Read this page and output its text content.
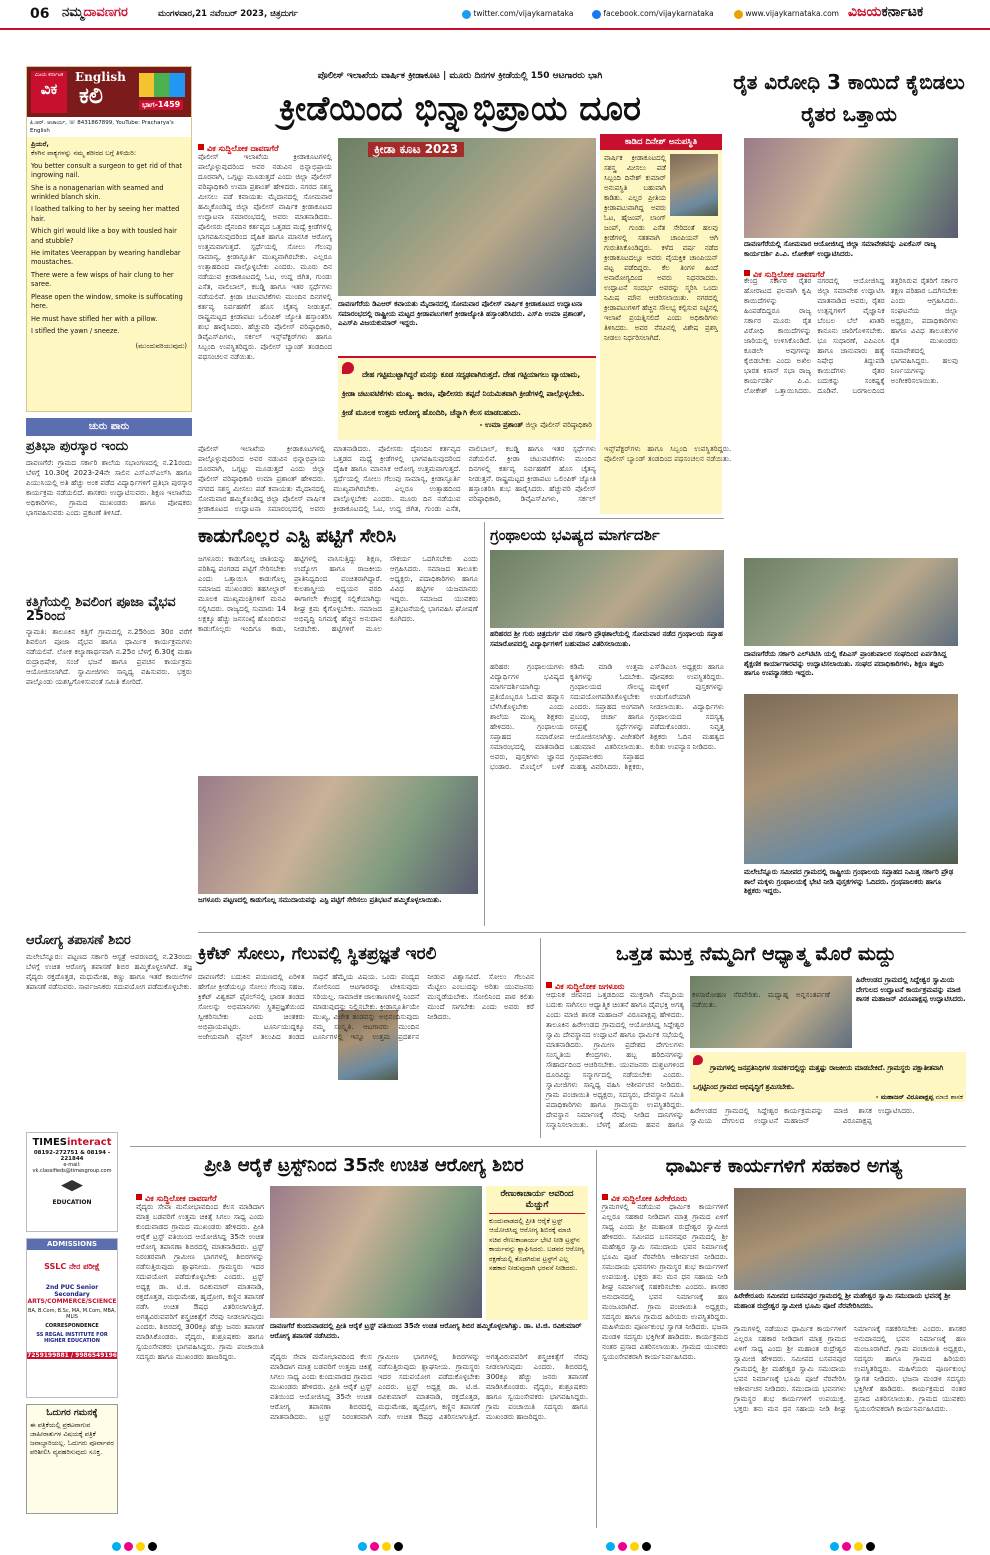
06 ನಮ್ಮದಾವಣಗರ	ಮಂಗಳವಾರ,21 ನವೆಂಬರ್ 2023, ಚಿತ್ರದುರ್ಗ	twitter.com/vijaykarnataka	facebook.com/vijaykarnataka	www.vijaykarnataka.com ವಿಜಯಕರ್ನಾಟಕ
ವಿಜಯ ಕರ್ನಾಟಕ
ವಿಕ
English
ಕಲಿ	ಭಾಗ-1459
ಪಿ.ಆರ್. ಆಚಾರ್ಯ, ☏ 8431867899, YouTube: Pracharya's English
ಪ್ರಿಯರೆ,
ಕೆಳಗಿನ ವಾಕ್ಯಗಳನ್ನು ನಮ್ಮ ಶರೀರದ ಬಗ್ಗೆ ತಿಳಿಯಿರಿ:
You better consult a surgeon to get rid of that ingrowing nail.
She is a nonagenarian with seamed and wrinkled blanch skin.
I loathed talking to her by seeing her matted hair.
Which girl would like a boy with tousled hair and stubble?
He imitates Veerappan by wearing handlebar moustaches.
There were a few wisps of hair clung to her saree.
Please open the window, smoke is suffocating here.
He must have stifled her with a pillow.
I stifled the yawn / sneeze.
(ಮುಂದುವರಿಯುವುದು)
ಚುರು ಪಾರು
ಪ್ರತಿಭಾ ಪುರಸ್ಕಾರ ಇಂದು
ದಾವಣಗೆರೆ: ಗ್ರಾಮದ ಸರ್ಕಾರಿ ಶಾಲೆಯ ಸಭಾಂಗಣದಲ್ಲಿ ನ.21ರಂದು ಬೆಳಗ್ಗೆ 10.30ಕ್ಕೆ 2023-24ನೇ ಸಾಲಿನ ಎಸ್‌ಎಸ್‌ಎಲ್‌ಸಿ ಹಾಗೂ ಪಿಯುಸಿಯಲ್ಲಿ ಅತಿ ಹೆಚ್ಚು ಅಂಕ ಪಡೆದ ವಿದ್ಯಾರ್ಥಿಗಳಿಗೆ ಪ್ರತಿಭಾ ಪುರಸ್ಕಾರ ಕಾರ್ಯಕ್ರಮ ನಡೆಯಲಿದೆ. ಶಾಸಕರು ಉದ್ಘಾಟಿಸುವರು. ಶಿಕ್ಷಣ ಇಲಾಖೆಯ ಅಧಿಕಾರಿಗಳು, ಗ್ರಾಮದ ಮುಖಂಡರು ಹಾಗೂ ಪೋಷಕರು ಭಾಗವಹಿಸುವರು ಎಂದು ಪ್ರಕಟಣೆ ತಿಳಿಸಿದೆ.
ಕತ್ತಿಗೆಯಲ್ಲಿ ಶಿವಲಿಂಗ ಪೂಜಾ ವೈಭವ 25ರಿಂದ
ನ್ಯಾಮತಿ: ತಾಲೂಕಿನ ಕತ್ತಿಗೆ ಗ್ರಾಮದಲ್ಲಿ ನ.25ರಿಂದ 30ರ ವರೆಗೆ ಶಿವಲಿಂಗ ಪೂಜಾ ವೈಭವ ಹಾಗೂ ಧಾರ್ಮಿಕ ಕಾರ್ಯಕ್ರಮಗಳು ನಡೆಯಲಿವೆ. ಲೋಕ ಕಲ್ಯಾಣಾರ್ಥವಾಗಿ ನ.25ರ ಬೆಳಗ್ಗೆ 6.30ಕ್ಕೆ ಮಹಾ ರುದ್ರಾಭಿಷೇಕ, ಸಂಜೆ ಭಜನೆ ಹಾಗೂ ಪ್ರವಚನ ಕಾರ್ಯಕ್ರಮ ಆಯೋಜಿಸಲಾಗಿದೆ. ಸ್ವಾಮೀಜಿಗಳು ಸಾನ್ನಿಧ್ಯ ವಹಿಸುವರು. ಭಕ್ತರು ಪಾಲ್ಗೊಂಡು ಯಶಸ್ವಿಗೊಳಿಸುವಂತೆ ಸಮಿತಿ ಕೋರಿದೆ.
ಆರೋಗ್ಯ ತಪಾಸಣೆ ಶಿಬಿರ
ಮಲೇಬೆನ್ನೂರು: ಪಟ್ಟಣದ ಸರ್ಕಾರಿ ಆಸ್ಪತ್ರೆ ಆವರಣದಲ್ಲಿ ನ.23ರಂದು ಬೆಳಗ್ಗೆ ಉಚಿತ ಆರೋಗ್ಯ ತಪಾಸಣೆ ಶಿಬಿರ ಹಮ್ಮಿಕೊಳ್ಳಲಾಗಿದೆ. ತಜ್ಞ ವೈದ್ಯರು ರಕ್ತದೊತ್ತಡ, ಮಧುಮೇಹ, ಕಣ್ಣು ಹಾಗೂ ಇತರೆ ಕಾಯಿಲೆಗಳ ತಪಾಸಣೆ ನಡೆಸುವರು. ಸಾರ್ವಜನಿಕರು ಸದುಪಯೋಗ ಪಡೆದುಕೊಳ್ಳಬೇಕು.
TIMESinteract
08192-272751 & 08194 - 221844
e-mail: vk.classifieds@timesgroup.com
EDUCATION
ADMISSIONS
SSLC ನೇರ ಪರೀಕ್ಷೆ
2nd PUC Senior Secondary
ARTS/COMMERCE/SCIENCE
BA, B.Com, B.Sc, MA, M.Com, MBA, MLIS
CORRESPONDENCE
SS REGAL INSTITUTE FOR HIGHER EDUCATION
7259199881 / 9986549196
ಓದುಗರ ಗಮನಕ್ಕೆ
ಈ ಪತ್ರಿಕೆಯಲ್ಲಿ ಪ್ರಕಟವಾಗುವ ಜಾಹೀರಾತುಗಳ ವಿಷಯಕ್ಕೆ ಪತ್ರಿಕೆ ಜವಾಬ್ದಾರಿಯಲ್ಲ. ಓದುಗರು ಪೂರ್ವಾಪರ ಪರಿಶೀಲಿಸಿ ವ್ಯವಹರಿಸುವುದು ಸೂಕ್ತ.
ಪೊಲೀಸ್ ಇಲಾಖೆಯ ವಾರ್ಷಿಕ ಕ್ರೀಡಾಕೂಟ | ಮೂರು ದಿನಗಳ ಕ್ರೀಡೆಯಲ್ಲಿ 150 ಆಟಗಾರರು ಭಾಗಿ
ಕ್ರೀಡೆಯಿಂದ ಭಿನ್ನಾಭಿಪ್ರಾಯ ದೂರ
ವಿಕ ಸುದ್ದಿಲೋಕ ದಾವಣಗೆರೆ
ಪೊಲೀಸ್ ಇಲಾಖೆಯ ಕ್ರೀಡಾಕೂಟಗಳಲ್ಲಿ ಪಾಲ್ಗೊಳ್ಳುವುದರಿಂದ ಅವರ ನಡುವಿನ ಭಿನ್ನಾಭಿಪ್ರಾಯ ದೂರವಾಗಿ, ಒಗ್ಗಟ್ಟು ಮೂಡುತ್ತದೆ ಎಂದು ಜಿಲ್ಲಾ ಪೊಲೀಸ್ ವರಿಷ್ಠಾಧಿಕಾರಿ ಉಮಾ ಪ್ರಶಾಂತ್ ಹೇಳಿದರು. ನಗರದ ಸಶಸ್ತ್ರ ಮೀಸಲು ಪಡೆ ಕವಾಯತು ಮೈದಾನದಲ್ಲಿ ಸೋಮವಾರ ಹಮ್ಮಿಕೊಂಡಿದ್ದ ಜಿಲ್ಲಾ ಪೊಲೀಸ್ ವಾರ್ಷಿಕ ಕ್ರೀಡಾಕೂಟದ ಉದ್ಘಾಟನಾ ಸಮಾರಂಭದಲ್ಲಿ ಅವರು ಮಾತನಾಡಿದರು. ಪೊಲೀಸರು ದೈನಂದಿನ ಕರ್ತವ್ಯದ ಒತ್ತಡದ ಮಧ್ಯೆ ಕ್ರೀಡೆಗಳಲ್ಲಿ ಭಾಗವಹಿಸುವುದರಿಂದ ದೈಹಿಕ ಹಾಗೂ ಮಾನಸಿಕ ಆರೋಗ್ಯ ಉತ್ತಮವಾಗುತ್ತದೆ. ಸ್ಪರ್ಧೆಯಲ್ಲಿ ಸೋಲು ಗೆಲುವು ಸಾಮಾನ್ಯ, ಕ್ರೀಡಾಸ್ಫೂರ್ತಿ ಮುಖ್ಯವಾಗಿರಬೇಕು. ಎಲ್ಲರೂ ಉತ್ಸಾಹದಿಂದ ಪಾಲ್ಗೊಳ್ಳಬೇಕು ಎಂದರು. ಮೂರು ದಿನ ನಡೆಯುವ ಕ್ರೀಡಾಕೂಟದಲ್ಲಿ ಓಟ, ಉದ್ದ ಜಿಗಿತ, ಗುಂಡು ಎಸೆತ, ವಾಲಿಬಾಲ್, ಕಬಡ್ಡಿ ಹಾಗೂ ಇತರ ಸ್ಪರ್ಧೆಗಳು ನಡೆಯಲಿವೆ. ಕ್ರೀಡಾ ಚಟುವಟಿಕೆಗಳು ಮುಂದಿನ ದಿನಗಳಲ್ಲಿ ಕರ್ತವ್ಯ ನಿರ್ವಹಣೆಗೆ ಹೊಸ ಚೈತನ್ಯ ನೀಡುತ್ತವೆ. ರಾಷ್ಟ್ರಮಟ್ಟದ ಕ್ರೀಡಾಪಟು ಒಲಿಂಪಿಕ್ ಜ್ಯೋತಿ ಹಸ್ತಾಂತರಿಸಿ ಶುಭ ಹಾರೈಸಿದರು. ಹೆಚ್ಚುವರಿ ಪೊಲೀಸ್ ವರಿಷ್ಠಾಧಿಕಾರಿ, ಡಿವೈಎಸ್‌ಪಿಗಳು, ಸರ್ಕಲ್ ಇನ್ಸ್‌ಪೆಕ್ಟರ್‌ಗಳು ಹಾಗೂ ಸಿಬ್ಬಂದಿ ಉಪಸ್ಥಿತರಿದ್ದರು. ಪೊಲೀಸ್ ಬ್ಯಾಂಡ್ ತಂಡದಿಂದ ಪಥಸಂಚಲನ ನಡೆಯಿತು.
ಕ್ರೀಡಾ ಕೂಟ 2023
ದಾವಣಗೆರೆಯ ಡಿಎಆರ್ ಕವಾಯತು ಮೈದಾನದಲ್ಲಿ ಸೋಮವಾರ ಪೊಲೀಸ್ ವಾರ್ಷಿಕ ಕ್ರೀಡಾಕೂಟದ ಉದ್ಘಾಟನಾ ಸಮಾರಂಭದಲ್ಲಿ ರಾಷ್ಟ್ರೀಯ ಮಟ್ಟದ ಕ್ರೀಡಾಪಟುಗಳಿಗೆ ಕ್ರೀಡಾಜ್ಯೋತಿ ಹಸ್ತಾಂತರಿಸಿದರು. ಎಸ್‌ಪಿ ಉಮಾ ಪ್ರಶಾಂತ್, ಎಎಸ್‌ಪಿ ವಿಜಯಕುಮಾರ್ ಇದ್ದರು.
ದೇಹ ಗಟ್ಟಿಮುಟ್ಟಾಗಿದ್ದರೆ ಮನಸ್ಸು ಕೂಡ ಸದೃಢವಾಗಿರುತ್ತದೆ. ದೇಹ ಗಟ್ಟಿಯಾಗಲು ವ್ಯಾಯಾಮ, ಕ್ರೀಡಾ ಚಟುವಟಿಕೆಗಳು ಮುಖ್ಯ. ಕಾರಣ, ಪೊಲೀಸರು ತಪ್ಪದೆ ನಿಯಮಿತವಾಗಿ ಕ್ರೀಡೆಗಳಲ್ಲಿ ಪಾಲ್ಗೊಳ್ಳಬೇಕು. ಕ್ರೀಡೆ ಮೂಲಕ ಉತ್ತಮ ಆರೋಗ್ಯ ಹೊಂದಿರಿ, ಚೆನ್ನಾಗಿ ಕೆಲಸ ಮಾಡಬಹುದು.
- ಉಮಾ ಪ್ರಶಾಂತ್ ಜಿಲ್ಲಾ ಪೊಲೀಸ್ ವರಿಷ್ಠಾಧಿಕಾರಿ
ಕಾಡಿದ ದಿನೇಶ್ ಅನುಪಸ್ಥಿತಿ
ವಾರ್ಷಿಕ ಕ್ರೀಡಾಕೂಟದಲ್ಲಿ ಸಶಸ್ತ್ರ ಮೀಸಲು ಪಡೆ ಸಿಬ್ಬಂದಿ ದಿನೇಶ್ ಕುಮಾರ್ ಅನುಪಸ್ಥಿತಿ ಬಹುವಾಗಿ ಕಾಡಿತು. ಎಲ್ಲರ ಪ್ರೀತಿಯ ಕ್ರೀಡಾಪಟುವಾಗಿದ್ದ ಅವರು ಓಟ, ಹೈಜಂಪ್, ಲಾಂಗ್ ಜಂಪ್, ಗುಂಡು ಎಸೆತ ಸೇರಿದಂತೆ ಹಲವು ಕ್ರೀಡೆಗಳಲ್ಲಿ ಸತತವಾಗಿ ಚಾಂಪಿಯನ್ ಆಗಿ ಗುರುತಿಸಿಕೊಂಡಿದ್ದರು. ಕಳೆದ ವರ್ಷ ನಡೆದ ಕ್ರೀಡಾಕೂಟದಲ್ಲೂ ಅವರು ವೈಯಕ್ತಿಕ ಚಾಂಪಿಯನ್ ಪಟ್ಟ ಪಡೆದಿದ್ದರು. ಕೆಲ ತಿಂಗಳ ಹಿಂದೆ ಅನಾರೋಗ್ಯದಿಂದ ಅವರು ನಿಧನರಾದರು. ಉದ್ಘಾಟನೆ ಸಂದರ್ಭ ಅವರನ್ನು ಸ್ಮರಿಸಿ ಒಂದು ನಿಮಿಷ ಮೌನ ಆಚರಿಸಲಾಯಿತು. ನಗರದಲ್ಲಿ ಕ್ರೀಡಾಪಟುಗಳಿಗೆ ಹೆಚ್ಚಿನ ಸೌಲಭ್ಯ ಕಲ್ಪಿಸುವ ನಿಟ್ಟಿನಲ್ಲಿ ಇಲಾಖೆ ಪ್ರಯತ್ನಿಸಲಿದೆ ಎಂದು ಅಧಿಕಾರಿಗಳು ತಿಳಿಸಿದರು. ಅವರ ನೆನಪಿನಲ್ಲಿ ವಿಶೇಷ ಪ್ರಶಸ್ತಿ ನೀಡಲು ನಿರ್ಧರಿಸಲಾಗಿದೆ.
ಪೊಲೀಸ್ ಇಲಾಖೆಯ ಕ್ರೀಡಾಕೂಟಗಳಲ್ಲಿ ಪಾಲ್ಗೊಳ್ಳುವುದರಿಂದ ಅವರ ನಡುವಿನ ಭಿನ್ನಾಭಿಪ್ರಾಯ ದೂರವಾಗಿ, ಒಗ್ಗಟ್ಟು ಮೂಡುತ್ತದೆ ಎಂದು ಜಿಲ್ಲಾ ಪೊಲೀಸ್ ವರಿಷ್ಠಾಧಿಕಾರಿ ಉಮಾ ಪ್ರಶಾಂತ್ ಹೇಳಿದರು. ನಗರದ ಸಶಸ್ತ್ರ ಮೀಸಲು ಪಡೆ ಕವಾಯತು ಮೈದಾನದಲ್ಲಿ ಸೋಮವಾರ ಹಮ್ಮಿಕೊಂಡಿದ್ದ ಜಿಲ್ಲಾ ಪೊಲೀಸ್ ವಾರ್ಷಿಕ ಕ್ರೀಡಾಕೂಟದ ಉದ್ಘಾಟನಾ ಸಮಾರಂಭದಲ್ಲಿ ಅವರು ಮಾತನಾಡಿದರು. ಪೊಲೀಸರು ದೈನಂದಿನ ಕರ್ತವ್ಯದ ಒತ್ತಡದ ಮಧ್ಯೆ ಕ್ರೀಡೆಗಳಲ್ಲಿ ಭಾಗವಹಿಸುವುದರಿಂದ ದೈಹಿಕ ಹಾಗೂ ಮಾನಸಿಕ ಆರೋಗ್ಯ ಉತ್ತಮವಾಗುತ್ತದೆ. ಸ್ಪರ್ಧೆಯಲ್ಲಿ ಸೋಲು ಗೆಲುವು ಸಾಮಾನ್ಯ, ಕ್ರೀಡಾಸ್ಫೂರ್ತಿ ಮುಖ್ಯವಾಗಿರಬೇಕು. ಎಲ್ಲರೂ ಉತ್ಸಾಹದಿಂದ ಪಾಲ್ಗೊಳ್ಳಬೇಕು ಎಂದರು. ಮೂರು ದಿನ ನಡೆಯುವ ಕ್ರೀಡಾಕೂಟದಲ್ಲಿ ಓಟ, ಉದ್ದ ಜಿಗಿತ, ಗುಂಡು ಎಸೆತ, ವಾಲಿಬಾಲ್, ಕಬಡ್ಡಿ ಹಾಗೂ ಇತರ ಸ್ಪರ್ಧೆಗಳು ನಡೆಯಲಿವೆ. ಕ್ರೀಡಾ ಚಟುವಟಿಕೆಗಳು ಮುಂದಿನ ದಿನಗಳಲ್ಲಿ ಕರ್ತವ್ಯ ನಿರ್ವಹಣೆಗೆ ಹೊಸ ಚೈತನ್ಯ ನೀಡುತ್ತವೆ. ರಾಷ್ಟ್ರಮಟ್ಟದ ಕ್ರೀಡಾಪಟು ಒಲಿಂಪಿಕ್ ಜ್ಯೋತಿ ಹಸ್ತಾಂತರಿಸಿ ಶುಭ ಹಾರೈಸಿದರು. ಹೆಚ್ಚುವರಿ ಪೊಲೀಸ್ ವರಿಷ್ಠಾಧಿಕಾರಿ, ಡಿವೈಎಸ್‌ಪಿಗಳು, ಸರ್ಕಲ್ ಇನ್ಸ್‌ಪೆಕ್ಟರ್‌ಗಳು ಹಾಗೂ ಸಿಬ್ಬಂದಿ ಉಪಸ್ಥಿತರಿದ್ದರು. ಪೊಲೀಸ್ ಬ್ಯಾಂಡ್ ತಂಡದಿಂದ ಪಥಸಂಚಲನ ನಡೆಯಿತು.
ರೈತ ವಿರೋಧಿ 3 ಕಾಯಿದೆ ಕೈಬಿಡಲು ರೈತರ ಒತ್ತಾಯ
ದಾವಣಗೆರೆಯಲ್ಲಿ ಸೋಮವಾರ ಆಯೋಜಿಸಿದ್ದ ಜಿಲ್ಲಾ ಸಮಾವೇಶವನ್ನು ಎಐಕೆಎಸ್ ರಾಜ್ಯ ಕಾರ್ಯದರ್ಶಿ ಪಿ.ವಿ. ಲೋಕೇಶ್ ಉದ್ಘಾಟಿಸಿದರು.
ವಿಕ ಸುದ್ದಿಲೋಕ ದಾವಣಗೆರೆ
ಕೇಂದ್ರ ಸರ್ಕಾರ ರೈತರ ಹೋರಾಟದ ಫಲವಾಗಿ ಕೃಷಿ ಕಾಯಿದೆಗಳನ್ನು ಹಿಂಪಡೆದಿದ್ದರೂ ರಾಜ್ಯ ಸರ್ಕಾರ ಮೂರು ರೈತ ವಿರೋಧಿ ಕಾಯಿದೆಗಳನ್ನು ಜಾರಿಯಲ್ಲಿ ಉಳಿಸಿಕೊಂಡಿದೆ. ಕೂಡಲೇ ಅವುಗಳನ್ನು ಕೈಬಿಡಬೇಕು ಎಂದು ಅಖಿಲ ಭಾರತ ಕಿಸಾನ್ ಸಭಾ ರಾಜ್ಯ ಕಾರ್ಯದರ್ಶಿ ಪಿ.ವಿ. ಲೋಕೇಶ್ ಒತ್ತಾಯಿಸಿದರು. ನಗರದಲ್ಲಿ ಆಯೋಜಿಸಿದ್ದ ಜಿಲ್ಲಾ ಸಮಾವೇಶ ಉದ್ಘಾಟಿಸಿ ಮಾತನಾಡಿದ ಅವರು, ರೈತರ ಉತ್ಪನ್ನಗಳಿಗೆ ವೈಜ್ಞಾನಿಕ ಬೆಂಬಲ ಬೆಲೆ ಖಾತರಿ ಕಾನೂನು ಜಾರಿಗೊಳಿಸಬೇಕು. ಭೂ ಸುಧಾರಣೆ, ಎಪಿಎಂಸಿ ಹಾಗೂ ಜಾನುವಾರು ಹತ್ಯೆ ನಿಷೇಧ ತಿದ್ದುಪಡಿ ಕಾಯಿದೆಗಳು ರೈತರ ಬದುಕನ್ನು ಸಂಕಷ್ಟಕ್ಕೆ ದೂಡಿವೆ. ಬರಗಾಲದಿಂದ ತತ್ತರಿಸಿರುವ ರೈತರಿಗೆ ಸರ್ಕಾರ ತಕ್ಷಣ ಪರಿಹಾರ ಒದಗಿಸಬೇಕು ಎಂದು ಆಗ್ರಹಿಸಿದರು. ಸಂಘಟನೆಯ ಜಿಲ್ಲಾ ಅಧ್ಯಕ್ಷರು, ಪದಾಧಿಕಾರಿಗಳು ಹಾಗೂ ವಿವಿಧ ತಾಲೂಕುಗಳ ರೈತ ಮುಖಂಡರು ಸಮಾವೇಶದಲ್ಲಿ ಭಾಗವಹಿಸಿದ್ದರು. ಹಲವು ನಿರ್ಣಯಗಳನ್ನು ಅಂಗೀಕರಿಸಲಾಯಿತು.
ದಾವಣಗೆರೆಯ ಸರ್ಕಾರಿ ಎಲ್‌ಟಿಟಿಸಿ ಯಲ್ಲಿ ಕೆಪಿಎಸ್ ಪ್ರಾಂಶುಪಾಲರ ಸಂಘದಿಂದ ಏರ್ಪಡಿಸಿದ್ದ ಶೈಕ್ಷಣಿಕ ಕಾರ್ಯಾಗಾರವನ್ನು ಉದ್ಘಾಟಿಸಲಾಯಿತು. ಸಂಘದ ಪದಾಧಿಕಾರಿಗಳು, ಶಿಕ್ಷಣ ತಜ್ಞರು ಹಾಗೂ ಉಪನ್ಯಾಸಕರು ಇದ್ದರು.
ಮಲೇಬೆನ್ನೂರು ಸಮೀಪದ ಗ್ರಾಮದಲ್ಲಿ ರಾಷ್ಟ್ರೀಯ ಗ್ರಂಥಾಲಯ ಸಪ್ತಾಹದ ನಿಮಿತ್ತ ಸರ್ಕಾರಿ ಪ್ರೌಢ ಶಾಲೆ ಮಕ್ಕಳು ಗ್ರಂಥಾಲಯಕ್ಕೆ ಭೇಟಿ ನೀಡಿ ಪುಸ್ತಕಗಳನ್ನು ಓದಿದರು. ಗ್ರಂಥಪಾಲಕರು ಹಾಗೂ ಶಿಕ್ಷಕರು ಇದ್ದರು.
ಕಾಡುಗೊಲ್ಲರ ಎಸ್ಟಿ ಪಟ್ಟಿಗೆ ಸೇರಿಸಿ
ಜಗಳೂರು: ಕಾಡುಗೊಲ್ಲ ಜಾತಿಯನ್ನು ಪರಿಶಿಷ್ಟ ಪಂಗಡದ ಪಟ್ಟಿಗೆ ಸೇರಿಸಬೇಕು ಎಂದು ಒತ್ತಾಯಿಸಿ ಕಾಡುಗೊಲ್ಲ ಸಮಾಜದ ಮುಖಂಡರು ತಹಸೀಲ್ದಾರ್ ಮೂಲಕ ಮುಖ್ಯಮಂತ್ರಿಗಳಿಗೆ ಮನವಿ ಸಲ್ಲಿಸಿದರು. ರಾಜ್ಯದಲ್ಲಿ ಸುಮಾರು 14 ಲಕ್ಷಕ್ಕೂ ಹೆಚ್ಚು ಜನಸಂಖ್ಯೆ ಹೊಂದಿರುವ ಕಾಡುಗೊಲ್ಲರು ಇಂದಿಗೂ ಕಾಡು, ಹಟ್ಟಿಗಳಲ್ಲಿ ವಾಸಿಸುತ್ತಿದ್ದು ಶಿಕ್ಷಣ, ಉದ್ಯೋಗ ಹಾಗೂ ರಾಜಕೀಯ ಪ್ರಾತಿನಿಧ್ಯದಿಂದ ವಂಚಿತರಾಗಿದ್ದಾರೆ. ಕುಲಶಾಸ್ತ್ರೀಯ ಅಧ್ಯಯನ ವರದಿ ಈಗಾಗಲೇ ಕೇಂದ್ರಕ್ಕೆ ಸಲ್ಲಿಕೆಯಾಗಿದ್ದು ಶೀಘ್ರ ಕ್ರಮ ಕೈಗೊಳ್ಳಬೇಕು. ಸಮಾಜದ ಅಭಿವೃದ್ಧಿ ನಿಗಮಕ್ಕೆ ಹೆಚ್ಚಿನ ಅನುದಾನ ನೀಡಬೇಕು. ಹಟ್ಟಿಗಳಿಗೆ ಮೂಲ ಸೌಕರ್ಯ ಒದಗಿಸಬೇಕು ಎಂದು ಆಗ್ರಹಿಸಿದರು. ಸಮಾಜದ ತಾಲೂಕು ಅಧ್ಯಕ್ಷರು, ಪದಾಧಿಕಾರಿಗಳು ಹಾಗೂ ವಿವಿಧ ಹಟ್ಟಿಗಳ ಯಜಮಾನರು ಇದ್ದರು. ಸಮಾಜದ ಯುವಕರು ಪ್ರತಿಭಟನೆಯಲ್ಲಿ ಭಾಗವಹಿಸಿ ಘೋಷಣೆ ಕೂಗಿದರು.
ಜಗಳೂರು ಪಟ್ಟಣದಲ್ಲಿ ಕಾಡುಗೊಲ್ಲ ಸಮುದಾಯವನ್ನು ಎಸ್ಟಿ ಪಟ್ಟಿಗೆ ಸೇರಿಸಲು ಪ್ರತಿಭಟನೆ ಹಮ್ಮಿಕೊಳ್ಳಲಾಯಿತು.
ಗ್ರಂಥಾಲಯ ಭವಿಷ್ಯದ ಮಾರ್ಗದರ್ಶಿ
ಹರಿಹರದ ಶ್ರೀ ಗುರು ಚಿತ್ರದುರ್ಗ ಮಠ ಸರ್ಕಾರಿ ಪ್ರೌಢಶಾಲೆಯಲ್ಲಿ ಸೋಮವಾರ ನಡೆದ ಗ್ರಂಥಾಲಯ ಸಪ್ತಾಹ ಸಮಾರೋಪದಲ್ಲಿ ವಿದ್ಯಾರ್ಥಿಗಳಿಗೆ ಬಹುಮಾನ ವಿತರಿಸಲಾಯಿತು.
ಹರಿಹರ: ಗ್ರಂಥಾಲಯಗಳು ವಿದ್ಯಾರ್ಥಿಗಳ ಭವಿಷ್ಯದ ಮಾರ್ಗದರ್ಶಿಯಾಗಿದ್ದು ಪ್ರತಿಯೊಬ್ಬರೂ ಓದುವ ಹವ್ಯಾಸ ಬೆಳೆಸಿಕೊಳ್ಳಬೇಕು ಎಂದು ಶಾಲೆಯ ಮುಖ್ಯ ಶಿಕ್ಷಕರು ಹೇಳಿದರು. ಗ್ರಂಥಾಲಯ ಸಪ್ತಾಹದ ಸಮಾರೋಪ ಸಮಾರಂಭದಲ್ಲಿ ಮಾತನಾಡಿದ ಅವರು, ಪುಸ್ತಕಗಳು ಜ್ಞಾನದ ಭಂಡಾರ. ಮೊಬೈಲ್ ಬಳಕೆ ಕಡಿಮೆ ಮಾಡಿ ಉತ್ತಮ ಕೃತಿಗಳನ್ನು ಓದಬೇಕು. ಗ್ರಂಥಾಲಯದ ಸೌಲಭ್ಯ ಸದುಪಯೋಗಪಡಿಸಿಕೊಳ್ಳಬೇಕು ಎಂದರು. ಸಪ್ತಾಹದ ಅಂಗವಾಗಿ ಪ್ರಬಂಧ, ಚರ್ಚಾ ಹಾಗೂ ರಸಪ್ರಶ್ನೆ ಸ್ಪರ್ಧೆಗಳನ್ನು ಆಯೋಜಿಸಲಾಗಿತ್ತು. ವಿಜೇತರಿಗೆ ಬಹುಮಾನ ವಿತರಿಸಲಾಯಿತು. ಗ್ರಂಥಪಾಲಕರು ಸಪ್ತಾಹದ ಮಹತ್ವ ವಿವರಿಸಿದರು. ಶಿಕ್ಷಕರು, ಎಸ್‌ಡಿಎಂಸಿ ಅಧ್ಯಕ್ಷರು ಹಾಗೂ ಪೋಷಕರು ಉಪಸ್ಥಿತರಿದ್ದರು. ಮಕ್ಕಳಿಗೆ ಪುಸ್ತಕಗಳನ್ನು ಉಡುಗೊರೆಯಾಗಿ ನೀಡಲಾಯಿತು. ವಿದ್ಯಾರ್ಥಿಗಳು ಗ್ರಂಥಾಲಯದ ಸದಸ್ಯತ್ವ ಪಡೆದುಕೊಂಡರು. ನಿವೃತ್ತ ಶಿಕ್ಷಕರು ಓದಿನ ಮಹತ್ವದ ಕುರಿತು ಉಪನ್ಯಾಸ ನೀಡಿದರು.
ಕ್ರಿಕೆಟ್ ಸೋಲು, ಗೆಲುವಲ್ಲಿ ಸ್ಥಿತಪ್ರಜ್ಞತೆ ಇರಲಿ
ದಾವಣಗೆರೆ: ಬದುಕಿನ ಪಯಣದಲ್ಲಿ ಏರಿಳಿತ ಹೇಗೋ ಕ್ರೀಡೆಯಲ್ಲೂ ಸೋಲು ಗೆಲುವು ಸಹಜ. ಕ್ರಿಕೆಟ್ ವಿಶ್ವಕಪ್ ಫೈನಲ್‌ನಲ್ಲಿ ಭಾರತ ತಂಡದ ಸೋಲನ್ನು ಅಭಿಮಾನಿಗಳು ಸ್ಥಿತಪ್ರಜ್ಞತೆಯಿಂದ ಸ್ವೀಕರಿಸಬೇಕು ಎಂದು ಚಿಂತಕರು ಅಭಿಪ್ರಾಯಪಟ್ಟರು. ಟೂರ್ನಿಯುದ್ದಕ್ಕೂ ಅಜೇಯವಾಗಿ ಫೈನಲ್ ತಲುಪಿದ ತಂಡದ ಸಾಧನೆ ಹೆಮ್ಮೆಯ ವಿಷಯ. ಒಂದು ಪಂದ್ಯದ ಸೋಲಿನಿಂದ ಆಟಗಾರರನ್ನು ಟೀಕಿಸುವುದು ಸರಿಯಲ್ಲ. ಸಾಮಾಜಿಕ ಜಾಲತಾಣಗಳಲ್ಲಿ ನಿಂದನೆ ಮಾಡುವುದನ್ನು ನಿಲ್ಲಿಸಬೇಕು. ಕ್ರೀಡಾಸ್ಫೂರ್ತಿಯೇ ಮುಖ್ಯ, ವಿಜೇತ ತಂಡವನ್ನು ಅಭಿನಂದಿಸುವುದು ನಮ್ಮ ಸಂಸ್ಕೃತಿ. ಆಟಗಾರರು ಮುಂದಿನ ಟೂರ್ನಿಗಳಲ್ಲಿ ಇನ್ನೂ ಉತ್ತಮ ಪ್ರದರ್ಶನ ನೀಡುವ ವಿಶ್ವಾಸವಿದೆ. ಸೋಲು ಗೆಲುವಿನ ಮೆಟ್ಟಿಲು ಎಂಬುದನ್ನು ಅರಿತು ಯುವಜನರು ಮುನ್ನಡೆಯಬೇಕು. ಸೋಲಿನಿಂದ ಪಾಠ ಕಲಿತು ಮುಂದೆ ಸಾಗಬೇಕು ಎಂದು ಅವರು ಕರೆ ನೀಡಿದರು.
ಒತ್ತಡ ಮುಕ್ತ ನೆಮ್ಮದಿಗೆ ಆಧ್ಯಾತ್ಮ ಮೊರೆ ಮದ್ದು
ವಿಕ ಸುದ್ದಿಲೋಕ ಜಗಳೂರು
ಹಿರೇಉಡದ ಗ್ರಾಮದಲ್ಲಿ ಸಿದ್ದೇಶ್ವರ ಸ್ವಾಮಿಯ ದೇಗುಲದ ಉದ್ಘಾಟನೆ ಕಾರ್ಯಕ್ರಮವನ್ನು ಮಾಜಿ ಶಾಸಕ ಮಹಾಜನ್ ವಿರೂಪಾಕ್ಷಪ್ಪ ಉದ್ಘಾಟಿಸಿದರು.
ಗ್ರಾಮಗಳಲ್ಲಿ ಜನಪ್ರತಿನಿಧಿಗಳ ಸಂಪರ್ಕದಲ್ಲಿದ್ದು ಮತ್ತಷ್ಟು ರಾಜಕೀಯ ಮಾಡಬೇಕಿದೆ. ಗ್ರಾಮಸ್ಥರು ಪಕ್ಷಾತೀತವಾಗಿ ಒಗ್ಗಟ್ಟಿನಿಂದ ಗ್ರಾಮದ ಅಭಿವೃದ್ಧಿಗೆ ಶ್ರಮಿಸಬೇಕು.
- ಮಹಾಜನ್ ವಿರೂಪಾಕ್ಷಪ್ಪ ಮಾಜಿ ಶಾಸಕ
ಆಧುನಿಕ ಜೀವನದ ಒತ್ತಡದಿಂದ ಮುಕ್ತರಾಗಿ ನೆಮ್ಮದಿಯ ಬದುಕು ಸಾಗಿಸಲು ಆಧ್ಯಾತ್ಮಿಕ ಚಿಂತನೆ ಹಾಗೂ ದೈವಭಕ್ತಿ ಅಗತ್ಯ ಎಂದು ಮಾಜಿ ಶಾಸಕ ಮಹಾಜನ್ ವಿರೂಪಾಕ್ಷಪ್ಪ ಹೇಳಿದರು. ತಾಲೂಕಿನ ಹಿರೇಉಡದ ಗ್ರಾಮದಲ್ಲಿ ಆಯೋಜಿಸಿದ್ದ ಸಿದ್ದೇಶ್ವರ ಸ್ವಾಮಿ ದೇವಸ್ಥಾನದ ಉದ್ಘಾಟನೆ ಹಾಗೂ ಧಾರ್ಮಿಕ ಸಭೆಯಲ್ಲಿ ಮಾತನಾಡಿದರು. ಗ್ರಾಮೀಣ ಪ್ರದೇಶದ ದೇಗುಲಗಳು ಸಂಸ್ಕೃತಿಯ ಕೇಂದ್ರಗಳು. ಹಬ್ಬ ಹರಿದಿನಗಳನ್ನು ಸೌಹಾರ್ದದಿಂದ ಆಚರಿಸಬೇಕು. ಯುವಜನರು ದುಶ್ಚಟಗಳಿಂದ ದೂರವಿದ್ದು ಸನ್ಮಾರ್ಗದಲ್ಲಿ ನಡೆಯಬೇಕು ಎಂದರು. ಸ್ವಾಮೀಜಿಗಳು ಸಾನ್ನಿಧ್ಯ ವಹಿಸಿ ಆಶೀರ್ವಚನ ನೀಡಿದರು. ಗ್ರಾಮ ಪಂಚಾಯಿತಿ ಅಧ್ಯಕ್ಷರು, ಸದಸ್ಯರು, ದೇವಸ್ಥಾನ ಸಮಿತಿ ಪದಾಧಿಕಾರಿಗಳು ಹಾಗೂ ಗ್ರಾಮಸ್ಥರು ಉಪಸ್ಥಿತರಿದ್ದರು. ದೇವಸ್ಥಾನ ನಿರ್ಮಾಣಕ್ಕೆ ನೆರವು ನೀಡಿದ ದಾನಿಗಳನ್ನು ಸನ್ಮಾನಿಸಲಾಯಿತು. ಬೆಳಗ್ಗೆ ಹೋಮ ಹವನ ಹಾಗೂ
ಹಿರೇಉಡದ ಗ್ರಾಮದಲ್ಲಿ ಸಿದ್ದೇಶ್ವರ ಸ್ವಾಮಿಯ ದೇಗುಲದ ಉದ್ಘಾಟನೆ ಕಾರ್ಯಕ್ರಮವನ್ನು ಮಾಜಿ ಶಾಸಕ ಮಹಾಜನ್ ವಿರೂಪಾಕ್ಷಪ್ಪ ಉದ್ಘಾಟಿಸಿದರು.
ಪ್ರೀತಿ ಆರೈಕೆ ಟ್ರಸ್ಟ್‌ನಿಂದ 35ನೇ ಉಚಿತ ಆರೋಗ್ಯ ಶಿಬಿರ
ವಿಕ ಸುದ್ದಿಲೋಕ ದಾವಣಗೆರೆ
ದಾವಣಗೆರೆ ಕುಂದುವಾಡದಲ್ಲಿ ಪ್ರೀತಿ ಆರೈಕೆ ಟ್ರಸ್ಟ್ ವತಿಯಿಂದ 35ನೇ ಉಚಿತ ಆರೋಗ್ಯ ಶಿಬಿರ ಹಮ್ಮಿಕೊಳ್ಳಲಾಗಿತ್ತು. ಡಾ. ಟಿ.ಜಿ. ರವಿಕುಮಾರ್ ಆರೋಗ್ಯ ತಪಾಸಣೆ ನಡೆಸಿದರು.
ರೇಣುಕಾಚಾರ್ಯ ಆವರಿಂದ ಮೆಚ್ಚುಗೆ
ಕುಂದುವಾಡದಲ್ಲಿ ಪ್ರೀತಿ ಆರೈಕೆ ಟ್ರಸ್ಟ್ ಆಯೋಜಿಸಿದ್ದ ಆರೋಗ್ಯ ಶಿಬಿರಕ್ಕೆ ಮಾಜಿ ಸಚಿವ ರೇಣುಕಾಚಾರ್ಯ ಭೇಟಿ ನೀಡಿ ಟ್ರಸ್ಟ್‌ನ ಕಾರ್ಯವನ್ನು ಶ್ಲಾಘಿಸಿದರು. ಬಡವರ ಆರೋಗ್ಯ ರಕ್ಷಣೆಯಲ್ಲಿ ತೊಡಗಿರುವ ಟ್ರಸ್ಟ್‌ಗೆ ಎಲ್ಲ ಸಹಕಾರ ನೀಡುವುದಾಗಿ ಭರವಸೆ ನೀಡಿದರು.
ವೈದ್ಯರು ಸೇವಾ ಮನೋಭಾವದಿಂದ ಕೆಲಸ ಮಾಡಿದಾಗ ಮಾತ್ರ ಬಡವರಿಗೆ ಉತ್ತಮ ಚಿಕಿತ್ಸೆ ಸಿಗಲು ಸಾಧ್ಯ ಎಂದು ಕುಂದುವಾಡದ ಗ್ರಾಮದ ಮುಖಂಡರು ಹೇಳಿದರು. ಪ್ರೀತಿ ಆರೈಕೆ ಟ್ರಸ್ಟ್ ವತಿಯಿಂದ ಆಯೋಜಿಸಿದ್ದ 35ನೇ ಉಚಿತ ಆರೋಗ್ಯ ತಪಾಸಣಾ ಶಿಬಿರದಲ್ಲಿ ಮಾತನಾಡಿದರು. ಟ್ರಸ್ಟ್ ನಿರಂತರವಾಗಿ ಗ್ರಾಮೀಣ ಭಾಗಗಳಲ್ಲಿ ಶಿಬಿರಗಳನ್ನು ನಡೆಸುತ್ತಿರುವುದು ಶ್ಲಾಘನೀಯ. ಗ್ರಾಮಸ್ಥರು ಇದರ ಸದುಪಯೋಗ ಪಡೆದುಕೊಳ್ಳಬೇಕು ಎಂದರು. ಟ್ರಸ್ಟ್ ಅಧ್ಯಕ್ಷ ಡಾ. ಟಿ.ಜಿ. ರವಿಕುಮಾರ್ ಮಾತನಾಡಿ, ರಕ್ತದೊತ್ತಡ, ಮಧುಮೇಹ, ಹೃದ್ರೋಗ, ಕಣ್ಣಿನ ತಪಾಸಣೆ ನಡೆಸಿ ಉಚಿತ ಔಷಧ ವಿತರಿಸಲಾಗುತ್ತಿದೆ. ಅಗತ್ಯವಿರುವವರಿಗೆ ಶಸ್ತ್ರಚಿಕಿತ್ಸೆಗೆ ನೆರವು ನೀಡಲಾಗುವುದು ಎಂದರು. ಶಿಬಿರದಲ್ಲಿ 300ಕ್ಕೂ ಹೆಚ್ಚು ಜನರು ತಪಾಸಣೆ ಮಾಡಿಸಿಕೊಂಡರು. ವೈದ್ಯರು, ಶುಶ್ರೂಷಕರು ಹಾಗೂ ಸ್ವಯಂಸೇವಕರು ಭಾಗವಹಿಸಿದ್ದರು. ಗ್ರಾಮ ಪಂಚಾಯಿತಿ ಸದಸ್ಯರು ಹಾಗೂ ಮುಖಂಡರು ಹಾಜರಿದ್ದರು.	ವೈದ್ಯರು ಸೇವಾ ಮನೋಭಾವದಿಂದ ಕೆಲಸ ಮಾಡಿದಾಗ ಮಾತ್ರ ಬಡವರಿಗೆ ಉತ್ತಮ ಚಿಕಿತ್ಸೆ ಸಿಗಲು ಸಾಧ್ಯ ಎಂದು ಕುಂದುವಾಡದ ಗ್ರಾಮದ ಮುಖಂಡರು ಹೇಳಿದರು. ಪ್ರೀತಿ ಆರೈಕೆ ಟ್ರಸ್ಟ್ ವತಿಯಿಂದ ಆಯೋಜಿಸಿದ್ದ 35ನೇ ಉಚಿತ ಆರೋಗ್ಯ ತಪಾಸಣಾ ಶಿಬಿರದಲ್ಲಿ ಮಾತನಾಡಿದರು. ಟ್ರಸ್ಟ್ ನಿರಂತರವಾಗಿ ಗ್ರಾಮೀಣ ಭಾಗಗಳಲ್ಲಿ ಶಿಬಿರಗಳನ್ನು ನಡೆಸುತ್ತಿರುವುದು ಶ್ಲಾಘನೀಯ. ಗ್ರಾಮಸ್ಥರು ಇದರ ಸದುಪಯೋಗ ಪಡೆದುಕೊಳ್ಳಬೇಕು ಎಂದರು. ಟ್ರಸ್ಟ್ ಅಧ್ಯಕ್ಷ ಡಾ. ಟಿ.ಜಿ. ರವಿಕುಮಾರ್ ಮಾತನಾಡಿ, ರಕ್ತದೊತ್ತಡ, ಮಧುಮೇಹ, ಹೃದ್ರೋಗ, ಕಣ್ಣಿನ ತಪಾಸಣೆ ನಡೆಸಿ ಉಚಿತ ಔಷಧ ವಿತರಿಸಲಾಗುತ್ತಿದೆ. ಅಗತ್ಯವಿರುವವರಿಗೆ ಶಸ್ತ್ರಚಿಕಿತ್ಸೆಗೆ ನೆರವು ನೀಡಲಾಗುವುದು ಎಂದರು. ಶಿಬಿರದಲ್ಲಿ 300ಕ್ಕೂ ಹೆಚ್ಚು ಜನರು ತಪಾಸಣೆ ಮಾಡಿಸಿಕೊಂಡರು. ವೈದ್ಯರು, ಶುಶ್ರೂಷಕರು ಹಾಗೂ ಸ್ವಯಂಸೇವಕರು ಭಾಗವಹಿಸಿದ್ದರು. ಗ್ರಾಮ ಪಂಚಾಯಿತಿ ಸದಸ್ಯರು ಹಾಗೂ ಮುಖಂಡರು ಹಾಜರಿದ್ದರು.
ಧಾರ್ಮಿಕ ಕಾರ್ಯಗಳಿಗೆ ಸಹಕಾರ ಅಗತ್ಯ
ವಿಕ ಸುದ್ದಿಲೋಕ ಹಿರೇಕೆರೂರು
ಹಿರೇಕೇರೂರು ಸಮೀಪದ ಬಸವನಪುರ ಗ್ರಾಮದಲ್ಲಿ ಶ್ರೀ ಮಹೇಶ್ವರ ಸ್ವಾಮಿ ಸಮುದಾಯ ಭವನಕ್ಕೆ ಶ್ರೀ ಮಹಾಂತ ರುದ್ರೇಶ್ವರ ಸ್ವಾಮೀಜಿ ಭೂಮಿ ಪೂಜೆ ನೆರವೇರಿಸಿದರು.
ಗ್ರಾಮಗಳಲ್ಲಿ ನಡೆಯುವ ಧಾರ್ಮಿಕ ಕಾರ್ಯಗಳಿಗೆ ಎಲ್ಲರೂ ಸಹಕಾರ ನೀಡಿದಾಗ ಮಾತ್ರ ಗ್ರಾಮದ ಏಳಿಗೆ ಸಾಧ್ಯ ಎಂದು ಶ್ರೀ ಮಹಾಂತ ರುದ್ರೇಶ್ವರ ಸ್ವಾಮೀಜಿ ಹೇಳಿದರು. ಸಮೀಪದ ಬಸವನಪುರ ಗ್ರಾಮದಲ್ಲಿ ಶ್ರೀ ಮಹೇಶ್ವರ ಸ್ವಾಮಿ ಸಮುದಾಯ ಭವನ ನಿರ್ಮಾಣಕ್ಕೆ ಭೂಮಿ ಪೂಜೆ ನೆರವೇರಿಸಿ ಆಶೀರ್ವಚನ ನೀಡಿದರು. ಸಮುದಾಯ ಭವನಗಳು ಗ್ರಾಮಸ್ಥರ ಶುಭ ಕಾರ್ಯಗಳಿಗೆ ಉಪಯುಕ್ತ. ಭಕ್ತರು ತನು ಮನ ಧನ ಸಹಾಯ ನೀಡಿ ಶೀಘ್ರ ನಿರ್ಮಾಣಕ್ಕೆ ಸಹಕರಿಸಬೇಕು ಎಂದರು. ಶಾಸಕರ ಅನುದಾನದಲ್ಲಿ ಭವನ ನಿರ್ಮಾಣಕ್ಕೆ ಹಣ ಮಂಜೂರಾಗಿದೆ. ಗ್ರಾಮ ಪಂಚಾಯಿತಿ ಅಧ್ಯಕ್ಷರು, ಸದಸ್ಯರು ಹಾಗೂ ಗ್ರಾಮದ ಹಿರಿಯರು ಉಪಸ್ಥಿತರಿದ್ದರು. ಮಹಿಳೆಯರು ಪೂರ್ಣಕುಂಭ ಸ್ವಾಗತ ನೀಡಿದರು. ಭಜನಾ ಮಂಡಳಿ ಸದಸ್ಯರು ಭಕ್ತಿಗೀತೆ ಹಾಡಿದರು. ಕಾರ್ಯಕ್ರಮದ ನಂತರ ಪ್ರಸಾದ ವಿತರಿಸಲಾಯಿತು. ಗ್ರಾಮದ ಯುವಕರು ಸ್ವಯಂಸೇವಕರಾಗಿ ಕಾರ್ಯನಿರ್ವಹಿಸಿದರು.
ಗ್ರಾಮಗಳಲ್ಲಿ ನಡೆಯುವ ಧಾರ್ಮಿಕ ಕಾರ್ಯಗಳಿಗೆ ಎಲ್ಲರೂ ಸಹಕಾರ ನೀಡಿದಾಗ ಮಾತ್ರ ಗ್ರಾಮದ ಏಳಿಗೆ ಸಾಧ್ಯ ಎಂದು ಶ್ರೀ ಮಹಾಂತ ರುದ್ರೇಶ್ವರ ಸ್ವಾಮೀಜಿ ಹೇಳಿದರು. ಸಮೀಪದ ಬಸವನಪುರ ಗ್ರಾಮದಲ್ಲಿ ಶ್ರೀ ಮಹೇಶ್ವರ ಸ್ವಾಮಿ ಸಮುದಾಯ ಭವನ ನಿರ್ಮಾಣಕ್ಕೆ ಭೂಮಿ ಪೂಜೆ ನೆರವೇರಿಸಿ ಆಶೀರ್ವಚನ ನೀಡಿದರು. ಸಮುದಾಯ ಭವನಗಳು ಗ್ರಾಮಸ್ಥರ ಶುಭ ಕಾರ್ಯಗಳಿಗೆ ಉಪಯುಕ್ತ. ಭಕ್ತರು ತನು ಮನ ಧನ ಸಹಾಯ ನೀಡಿ ಶೀಘ್ರ ನಿರ್ಮಾಣಕ್ಕೆ ಸಹಕರಿಸಬೇಕು ಎಂದರು. ಶಾಸಕರ ಅನುದಾನದಲ್ಲಿ ಭವನ ನಿರ್ಮಾಣಕ್ಕೆ ಹಣ ಮಂಜೂರಾಗಿದೆ. ಗ್ರಾಮ ಪಂಚಾಯಿತಿ ಅಧ್ಯಕ್ಷರು, ಸದಸ್ಯರು ಹಾಗೂ ಗ್ರಾಮದ ಹಿರಿಯರು ಉಪಸ್ಥಿತರಿದ್ದರು. ಮಹಿಳೆಯರು ಪೂರ್ಣಕುಂಭ ಸ್ವಾಗತ ನೀಡಿದರು. ಭಜನಾ ಮಂಡಳಿ ಸದಸ್ಯರು ಭಕ್ತಿಗೀತೆ ಹಾಡಿದರು. ಕಾರ್ಯಕ್ರಮದ ನಂತರ ಪ್ರಸಾದ ವಿತರಿಸಲಾಯಿತು. ಗ್ರಾಮದ ಯುವಕರು ಸ್ವಯಂಸೇವಕರಾಗಿ ಕಾರ್ಯನಿರ್ವಹಿಸಿದರು.
